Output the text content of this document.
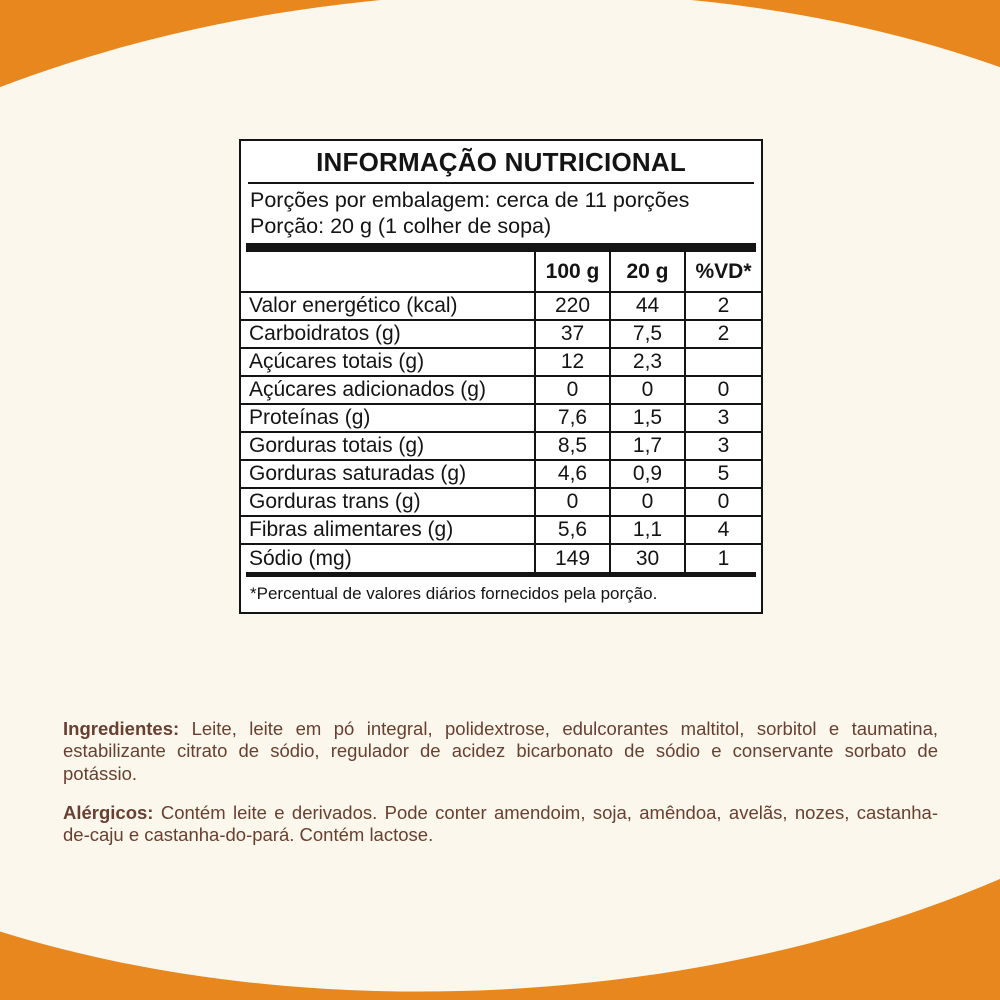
INFORMAÇÃO NUTRICIONAL
Porções por embalagem: cerca de 11 porções
Porção: 20 g (1 colher de sopa)
	100 g	20 g	%VD*
Valor energético (kcal)	220	44	2
Carboidratos (g)	37	7,5	2
Açúcares totais (g)	12	2,3	
Açúcares adicionados (g)	0	0	0
Proteínas (g)	7,6	1,5	3
Gorduras totais (g)	8,5	1,7	3
Gorduras saturadas (g)	4,6	0,9	5
Gorduras trans (g)	0	0	0
Fibras alimentares (g)	5,6	1,1	4
Sódio (mg)	149	30	1
*Percentual de valores diários fornecidos pela porção.

Ingredientes: Leite, leite em pó integral, polidextrose, edulcorantes maltitol, sorbitol e taumatina, estabilizante citrato de sódio, regulador de acidez bicarbonato de sódio e conservante sorbato de potássio.

Alérgicos: Contém leite e derivados. Pode conter amendoim, soja, amêndoa, avelãs, nozes, castanha-de-caju e castanha-do-pará. Contém lactose.
